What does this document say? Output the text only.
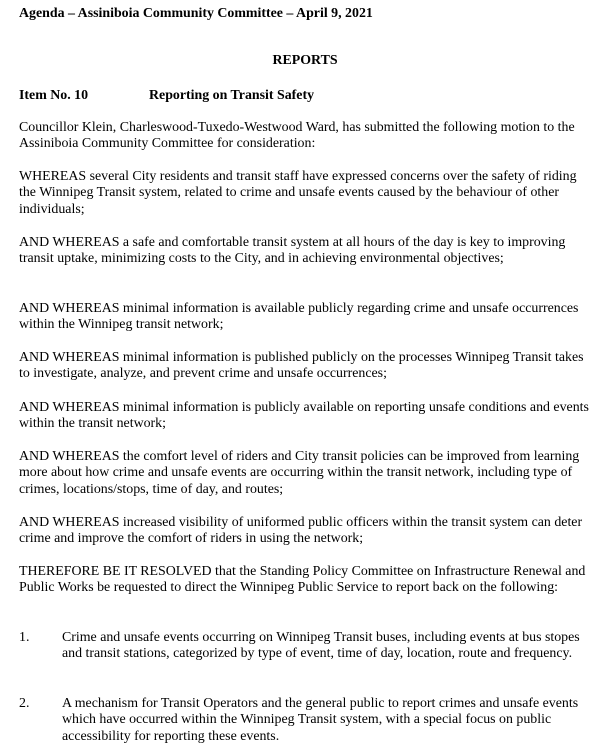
Agenda – Assiniboia Community Committee – April 9, 2021
REPORTS
Item No. 10	Reporting on Transit Safety

Councillor Klein, Charleswood-Tuxedo-Westwood Ward, has submitted the following motion to the Assiniboia Community Committee for consideration:

WHEREAS several City residents and transit staff have expressed concerns over the safety of riding the Winnipeg Transit system, related to crime and unsafe events caused by the behaviour of other individuals;

AND WHEREAS a safe and comfortable transit system at all hours of the day is key to improving transit uptake, minimizing costs to the City, and in achieving environmental objectives;

AND WHEREAS minimal information is available publicly regarding crime and unsafe occurrences within the Winnipeg transit network;

AND WHEREAS minimal information is published publicly on the processes Winnipeg Transit takes to investigate, analyze, and prevent crime and unsafe occurrences;

AND WHEREAS minimal information is publicly available on reporting unsafe conditions and events within the transit network;

AND WHEREAS the comfort level of riders and City transit policies can be improved from learning more about how crime and unsafe events are occurring within the transit network, including type of crimes, locations/stops, time of day, and routes;

AND WHEREAS increased visibility of uniformed public officers within the transit system can deter crime and improve the comfort of riders in using the network;

THEREFORE BE IT RESOLVED that the Standing Policy Committee on Infrastructure Renewal and Public Works be requested to direct the Winnipeg Public Service to report back on the following:

1. Crime and unsafe events occurring on Winnipeg Transit buses, including events at bus stopes and transit stations, categorized by type of event, time of day, location, route and frequency.
2. A mechanism for Transit Operators and the general public to report crimes and unsafe events which have occurred within the Winnipeg Transit system, with a special focus on public accessibility for reporting these events.
